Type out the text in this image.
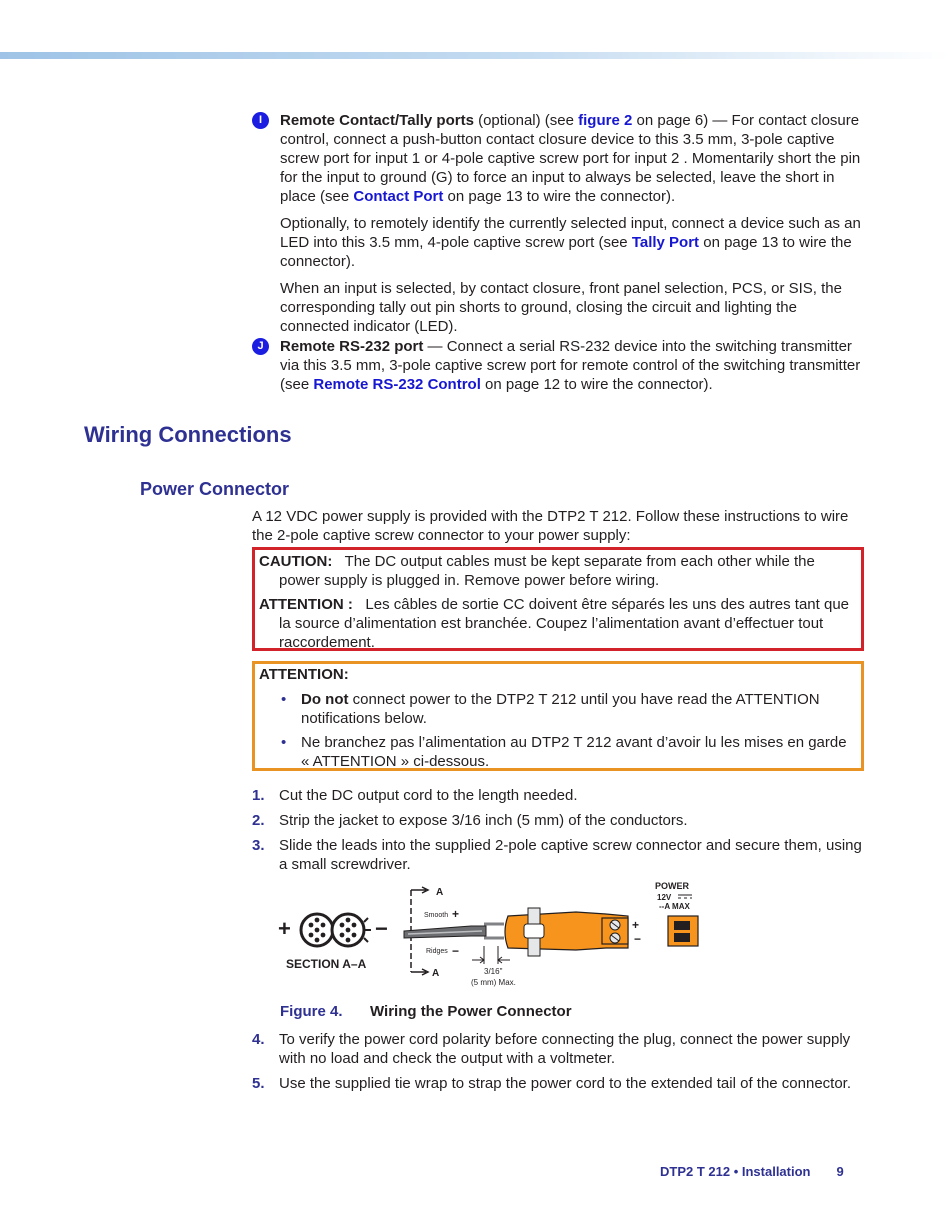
I	Remote Contact/Tally ports (optional) (see figure 2 on page 6) — For contact closure control, connect a push-button contact closure device to this 3.5 mm, 3-pole captive screw port for input 1 or 4-pole captive screw port for input 2 . Momentarily short the pin for the input to ground (G) to force an input to always be selected, leave the short in place (see Contact Port on page 13 to wire the connector).

Optionally, to remotely identify the currently selected input, connect a device such as an LED into this 3.5 mm, 4-pole captive screw port (see Tally Port on page 13 to wire the connector).

When an input is selected, by contact closure, front panel selection, PCS, or SIS, the corresponding tally out pin shorts to ground, closing the circuit and lighting the connected indicator (LED).

J	Remote RS-232 port — Connect a serial RS-232 device into the switching transmitter via this 3.5 mm, 3-pole captive screw port for remote control of the switching transmitter (see Remote RS-232 Control on page 12 to wire the connector).

Wiring Connections
Power Connector

A 12 VDC power supply is provided with the DTP2 T 212. Follow these instructions to wire the 2-pole captive screw connector to your power supply:

CAUTION: The DC output cables must be kept separate from each other while the power supply is plugged in. Remove power before wiring.

ATTENTION : Les câbles de sortie CC doivent être séparés les uns des autres tant que la source d’alimentation est branchée. Coupez l’alimentation avant d’effectuer tout raccordement.

ATTENTION:

• Do not connect power to the DTP2 T 212 until you have read the ATTENTION notifications below.
• Ne branchez pas l’alimentation au DTP2 T 212 avant d’avoir lu les mises en garde « ATTENTION » ci-dessous.
1. Cut the DC output cord to the length needed.
2. Strip the jacket to expose 3/16 inch (5 mm) of the conductors.
3. Slide the leads into the supplied 2-pole captive screw connector and secure them, using a small screwdriver.
+	−
SECTION A–A
A
A
Smooth +
Ridges −
3/16"
(5 mm) Max.
+
−
POWER
12V
--A MAX
Figure 4. Wiring the Power Connector
4. To verify the power cord polarity before connecting the plug, connect the power supply with no load and check the output with a voltmeter.
5. Use the supplied tie wrap to strap the power cord to the extended tail of the connector.
DTP2 T 212 • Installation 9
